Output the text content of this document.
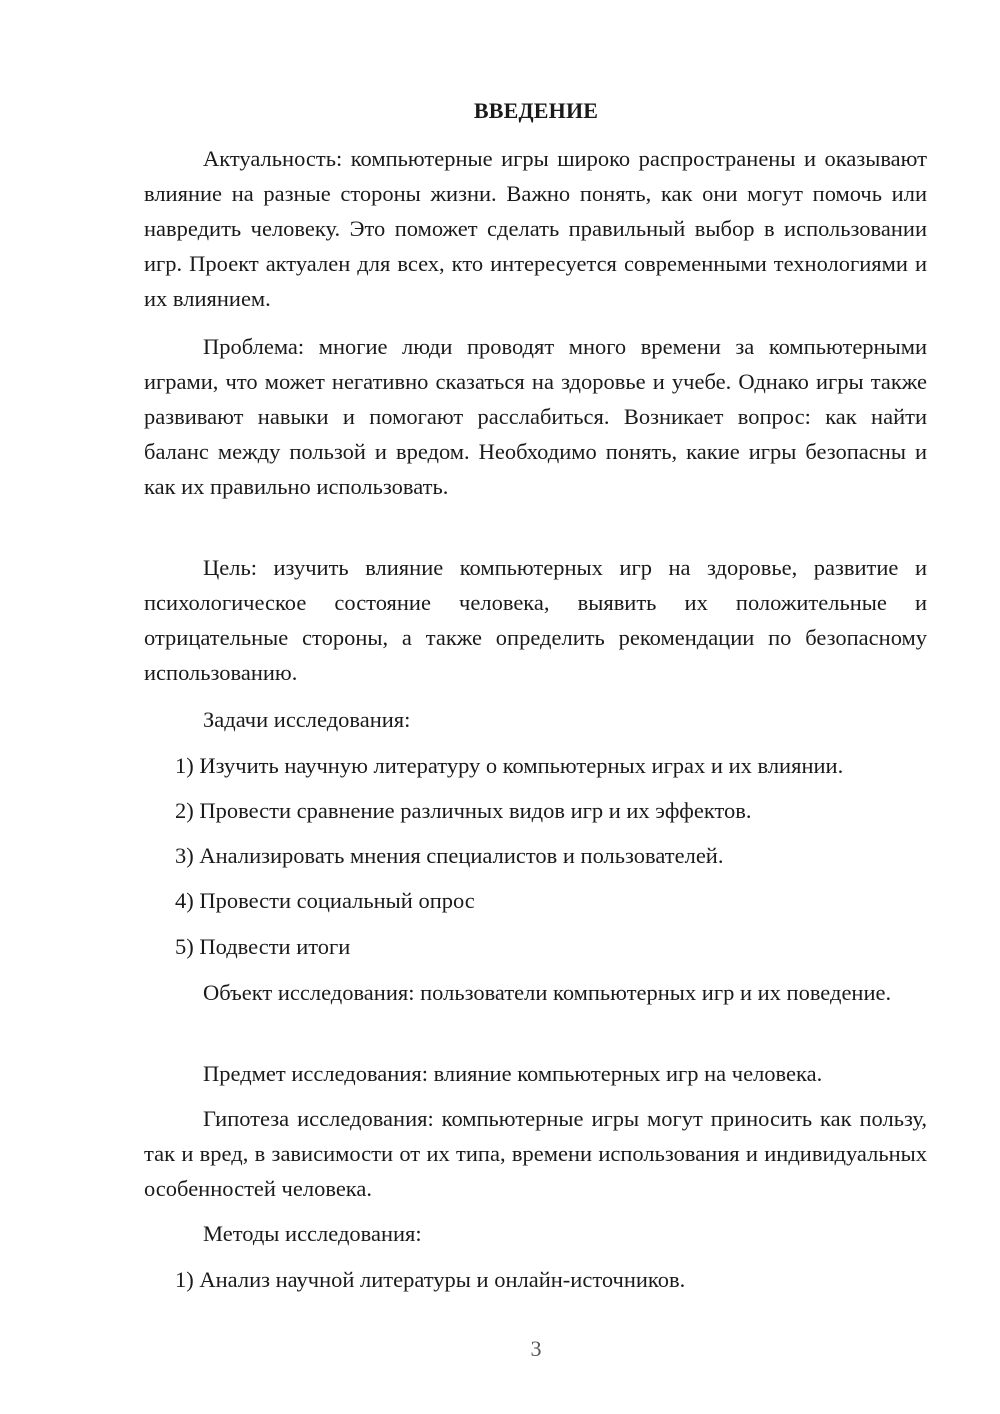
ВВЕДЕНИЕ

Актуальность: компьютерные игры широко распространены и оказывают влияние на разные стороны жизни. Важно понять, как они могут помочь или навредить человеку. Это поможет сделать правильный выбор в использовании игр. Проект актуален для всех, кто интересуется современными технологиями и их влиянием.

Проблема: многие люди проводят много времени за компьютерными играми, что может негативно сказаться на здоровье и учебе. Однако игры также развивают навыки и помогают расслабиться. Возникает вопрос: как найти баланс между пользой и вредом. Необходимо понять, какие игры безопасны и как их правильно использовать.

Цель: изучить влияние компьютерных игр на здоровье, развитие и психологическое состояние человека, выявить их положительные и отрицательные стороны, а также определить рекомендации по безопасному использованию.

Задачи исследования:

1) Изучить научную литературу о компьютерных играх и их влиянии.

2) Провести сравнение различных видов игр и их эффектов.

3) Анализировать мнения специалистов и пользователей.

4) Провести социальный опрос

5) Подвести итоги

Объект исследования: пользователи компьютерных игр и их поведение.

Предмет исследования: влияние компьютерных игр на человека.

Гипотеза исследования: компьютерные игры могут приносить как пользу, так и вред, в зависимости от их типа, времени использования и индивидуальных особенностей человека.

Методы исследования:

1) Анализ научной литературы и онлайн-источников.

3
